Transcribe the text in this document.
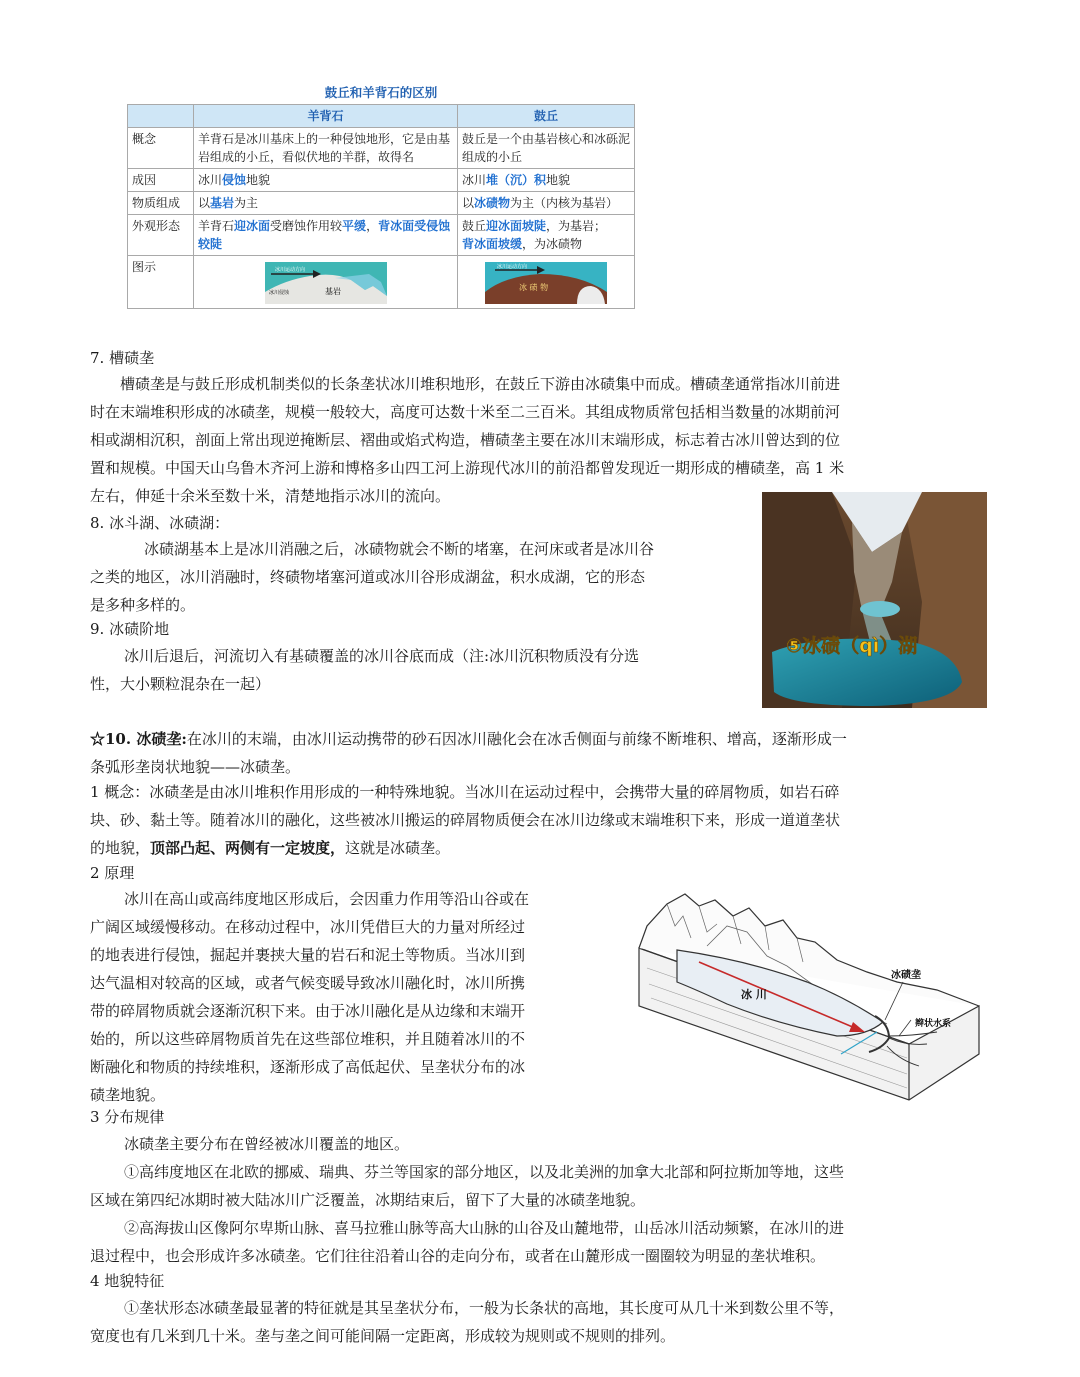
鼓丘和羊背石的区别
	羊背石	鼓丘
概念	羊背石是冰川基床上的一种侵蚀地形，它是由基岩组成的小丘，看似伏地的羊群，故得名	鼓丘是一个由基岩核心和冰砾泥组成的小丘
成因	冰川侵蚀地貌	冰川堆（沉）积地貌
物质组成	以基岩为主	以冰碛物为主（内核为基岩）
外观形态	羊背石迎冰面受磨蚀作用较平缓，背冰面受侵蚀较陡	鼓丘迎冰面坡陡，为基岩；
背冰面坡缓，为冰碛物
图示	冰川运动方向
冰川侵蚀 基岩	冰川运动方向
冰 碛 物
7. 槽碛垄
槽碛垄是与鼓丘形成机制类似的长条垄状冰川堆积地形，在鼓丘下游由冰碛集中而成。槽碛垄通常指冰川前进
时在末端堆积形成的冰碛垄，规模一般较大，高度可达数十米至二三百米。其组成物质常包括相当数量的冰期前河
相或湖相沉积，剖面上常出现逆掩断层、褶曲或焰式构造，槽碛垄主要在冰川末端形成，标志着古冰川曾达到的位
置和规模。中国天山乌鲁木齐河上游和博格多山四工河上游现代冰川的前沿都曾发现近一期形成的槽碛垄，高 1 米
左右，伸延十余米至数十米，清楚地指示冰川的流向。
8. 冰斗湖、冰碛湖：
冰碛湖基本上是冰川消融之后，冰碛物就会不断的堵塞，在河床或者是冰川谷
之类的地区，冰川消融时，终碛物堵塞河道或冰川谷形成湖盆，积水成湖，它的形态
是多种多样的。
9. 冰碛阶地
冰川后退后，河流切入有基碛覆盖的冰川谷底而成（注:冰川沉积物质没有分选
性，大小颗粒混杂在一起）
⑤冰碛（qì）湖
☆10. 冰碛垄:在冰川的末端，由冰川运动携带的砂石因冰川融化会在冰舌侧面与前缘不断堆积、增高，逐渐形成一
条弧形垄岗状地貌——冰碛垄。
1 概念：冰碛垄是由冰川堆积作用形成的一种特殊地貌。当冰川在运动过程中，会携带大量的碎屑物质，如岩石碎
块、砂、黏土等。随着冰川的融化，这些被冰川搬运的碎屑物质便会在冰川边缘或末端堆积下来，形成一道道垄状
的地貌，顶部凸起、两侧有一定坡度，这就是冰碛垄。
2 原理
冰川在高山或高纬度地区形成后，会因重力作用等沿山谷或在
广阔区域缓慢移动。在移动过程中，冰川凭借巨大的力量对所经过
的地表进行侵蚀，掘起并裹挟大量的岩石和泥土等物质。当冰川到
达气温相对较高的区域，或者气候变暖导致冰川融化时，冰川所携
带的碎屑物质就会逐渐沉积下来。由于冰川融化是从边缘和末端开
始的，所以这些碎屑物质首先在这些部位堆积，并且随着冰川的不
断融化和物质的持续堆积，逐渐形成了高低起伏、呈垄状分布的冰
碛垄地貌。
冰碛垄
冰 川
辫状水系
3 分布规律
冰碛垄主要分布在曾经被冰川覆盖的地区。
①高纬度地区在北欧的挪威、瑞典、芬兰等国家的部分地区，以及北美洲的加拿大北部和阿拉斯加等地，这些
区域在第四纪冰期时被大陆冰川广泛覆盖，冰期结束后，留下了大量的冰碛垄地貌。
②高海拔山区像阿尔卑斯山脉、喜马拉雅山脉等高大山脉的山谷及山麓地带，山岳冰川活动频繁，在冰川的进
退过程中，也会形成许多冰碛垄。它们往往沿着山谷的走向分布，或者在山麓形成一圈圈较为明显的垄状堆积。
4 地貌特征
①垄状形态冰碛垄最显著的特征就是其呈垄状分布，一般为长条状的高地，其长度可从几十米到数公里不等，
宽度也有几米到几十米。垄与垄之间可能间隔一定距离，形成较为规则或不规则的排列。
